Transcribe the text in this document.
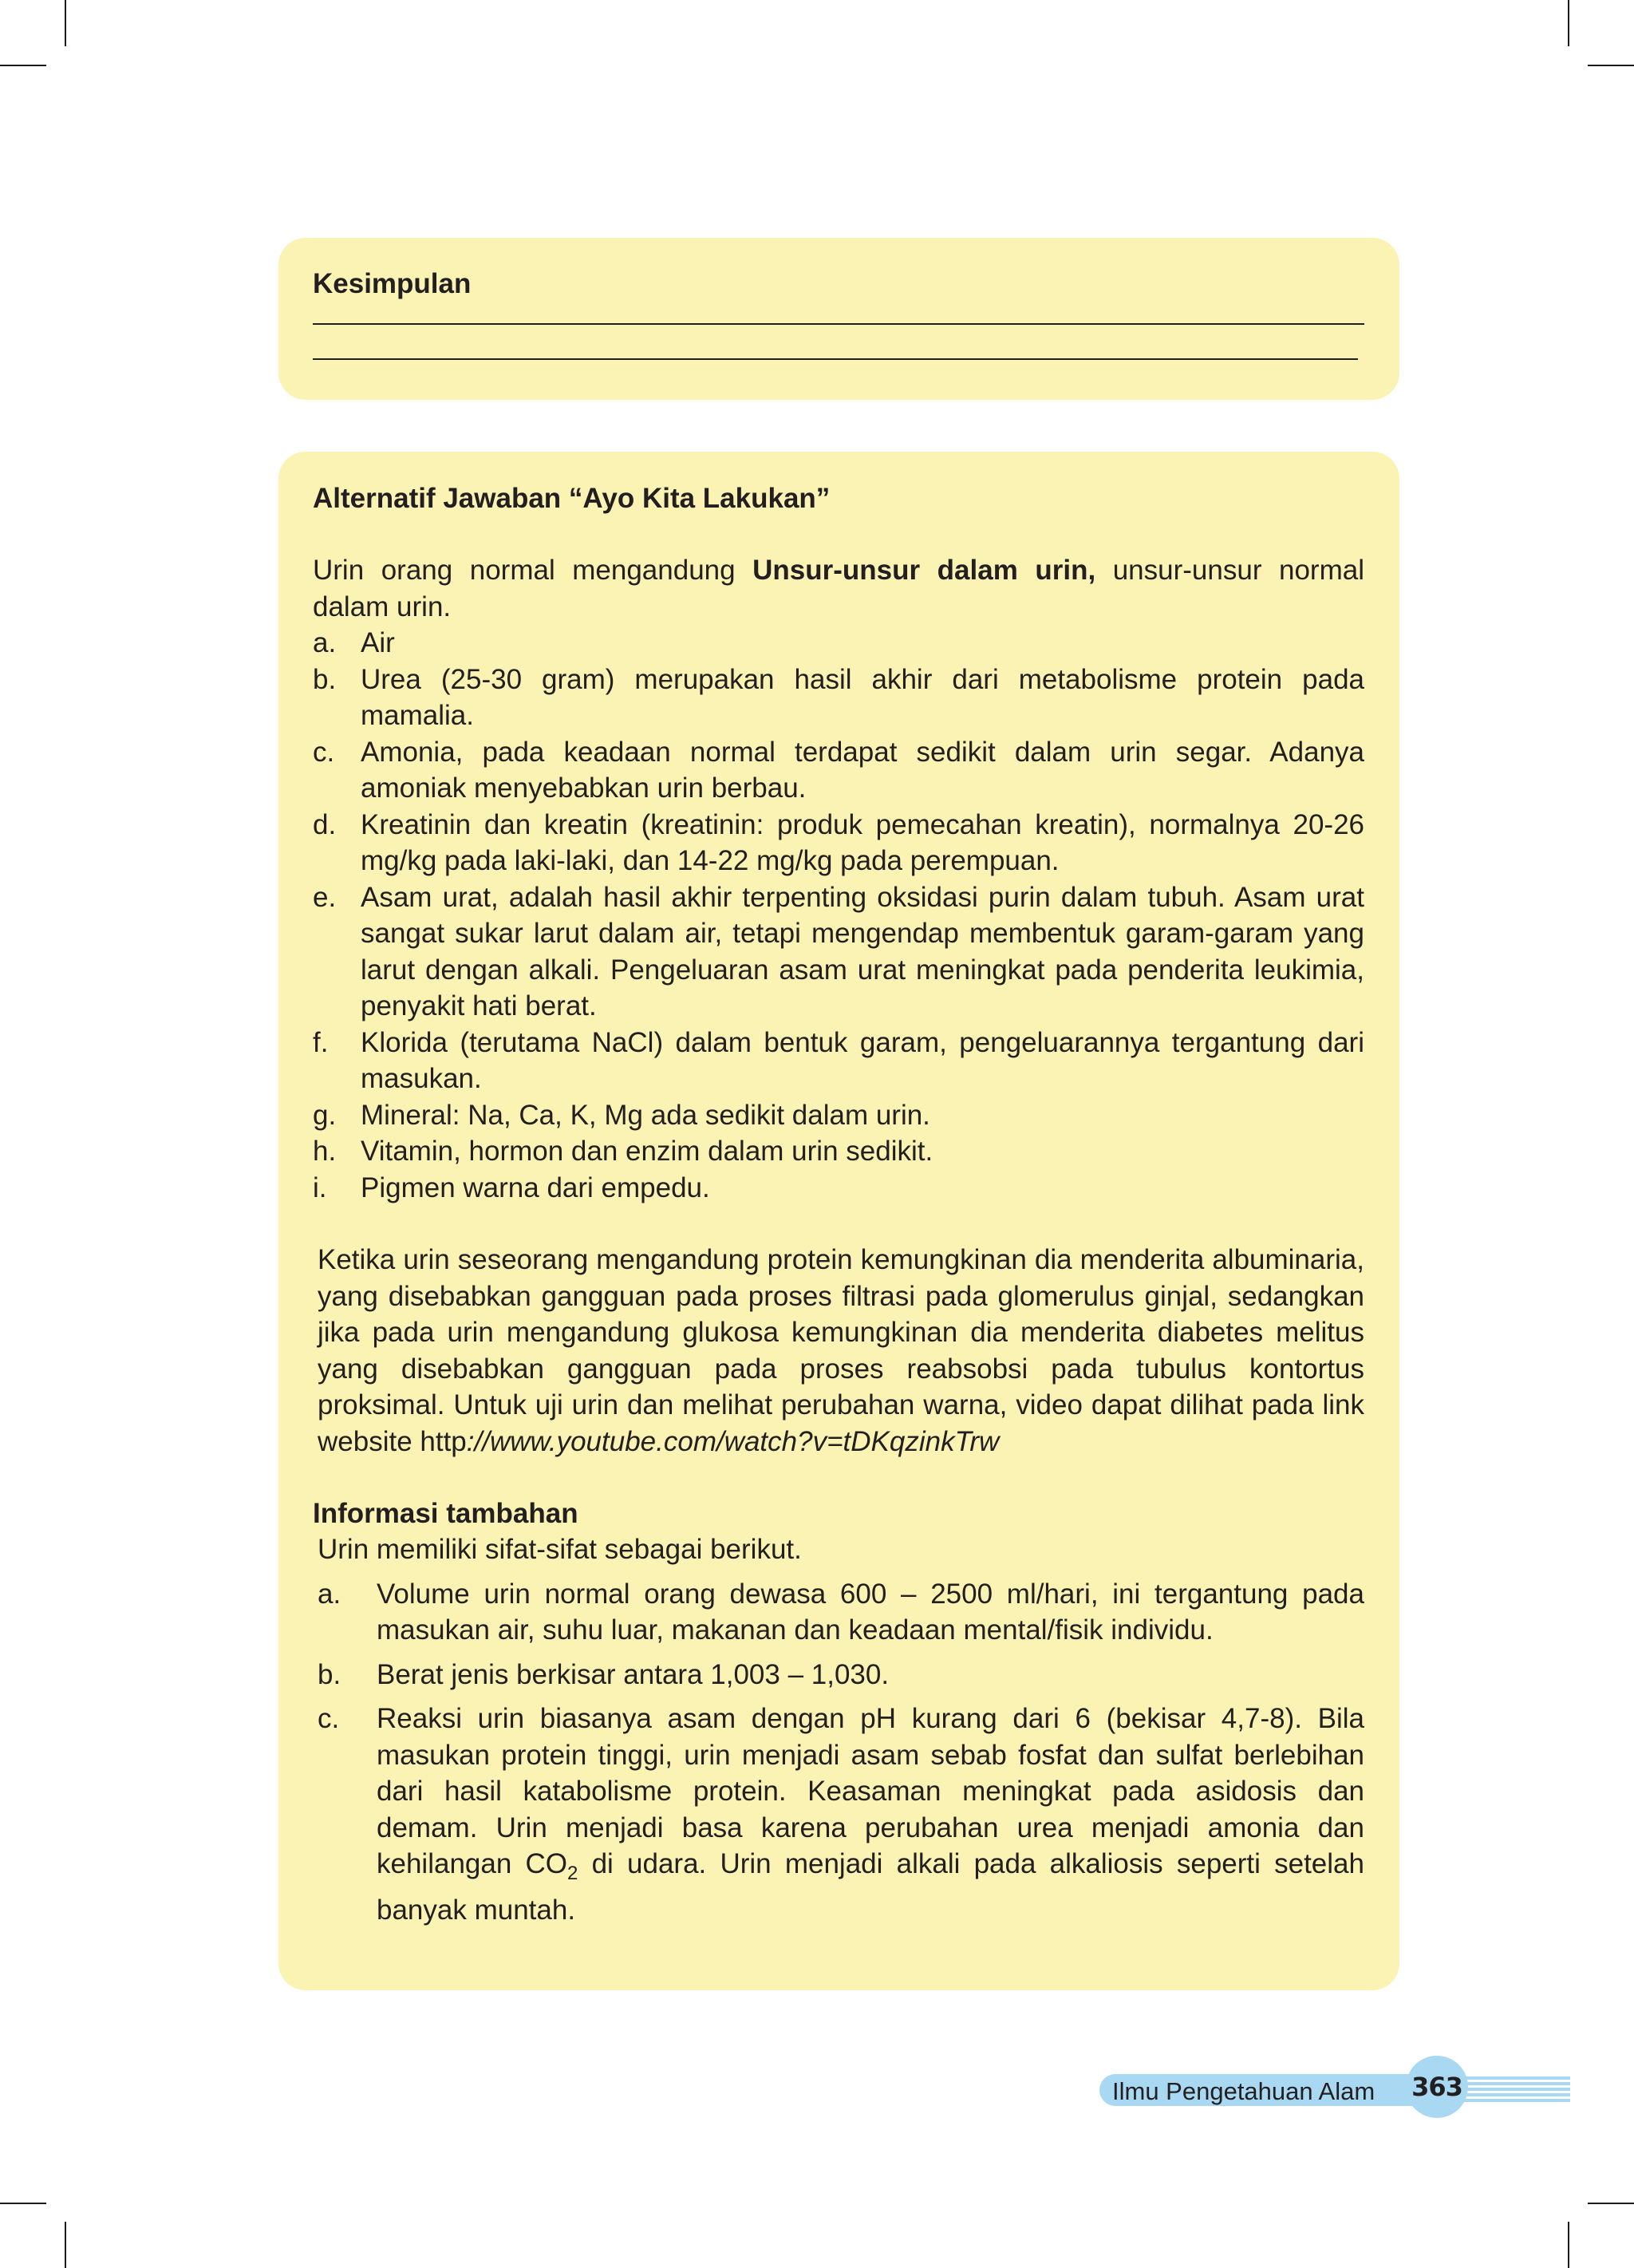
Kesimpulan
Alternatif Jawaban “Ayo Kita Lakukan”
Urin orang normal mengandung Unsur-unsur dalam urin, unsur-unsur normal dalam urin.
a. Air
b. Urea (25-30 gram) merupakan hasil akhir dari metabolisme protein pada mamalia.
c. Amonia, pada keadaan normal terdapat sedikit dalam urin segar. Adanya amoniak menyebabkan urin berbau.
d. Kreatinin dan kreatin (kreatinin: produk pemecahan kreatin), normalnya 20-26 mg/kg pada laki-laki, dan 14-22 mg/kg pada perempuan.
e. Asam urat, adalah hasil akhir terpenting oksidasi purin dalam tubuh. Asam urat sangat sukar larut dalam air, tetapi mengendap membentuk garam-garam yang larut dengan alkali. Pengeluaran asam urat meningkat pada penderita leukimia, penyakit hati berat.
f.	Klorida (terutama NaCl) dalam bentuk garam, pengeluarannya tergantung dari masukan.
g. Mineral: Na, Ca, K, Mg ada sedikit dalam urin.
h. Vitamin, hormon dan enzim dalam urin sedikit.
i.	Pigmen warna dari empedu.
Ketika urin seseorang mengandung protein kemungkinan dia menderita albuminaria, yang disebabkan gangguan pada proses filtrasi pada glomerulus ginjal, sedangkan jika pada urin mengandung glukosa kemungkinan dia menderita diabetes melitus yang disebabkan gangguan pada proses reabsobsi pada tubulus kontortus proksimal. Untuk uji urin dan melihat perubahan warna, video dapat dilihat pada link website http://www.youtube.com/watch?v=tDKqzinkTrw
Informasi tambahan
Urin memiliki sifat-sifat sebagai berikut.
a.	Volume urin normal orang dewasa 600 – 2500 ml/hari, ini tergantung pada masukan air, suhu luar, makanan dan keadaan mental/fisik individu.
b.	Berat jenis berkisar antara 1,003 – 1,030.
c.	Reaksi urin biasanya asam dengan pH kurang dari 6 (bekisar 4,7-8). Bila masukan protein tinggi, urin menjadi asam sebab fosfat dan sulfat berlebihan dari hasil katabolisme protein. Keasaman meningkat pada asidosis dan demam. Urin menjadi basa karena perubahan urea menjadi amonia dan kehilangan $CO_2$ di udara. Urin menjadi alkali pada alkaliosis seperti setelah banyak muntah.
Ilmu Pengetahuan Alam 363
